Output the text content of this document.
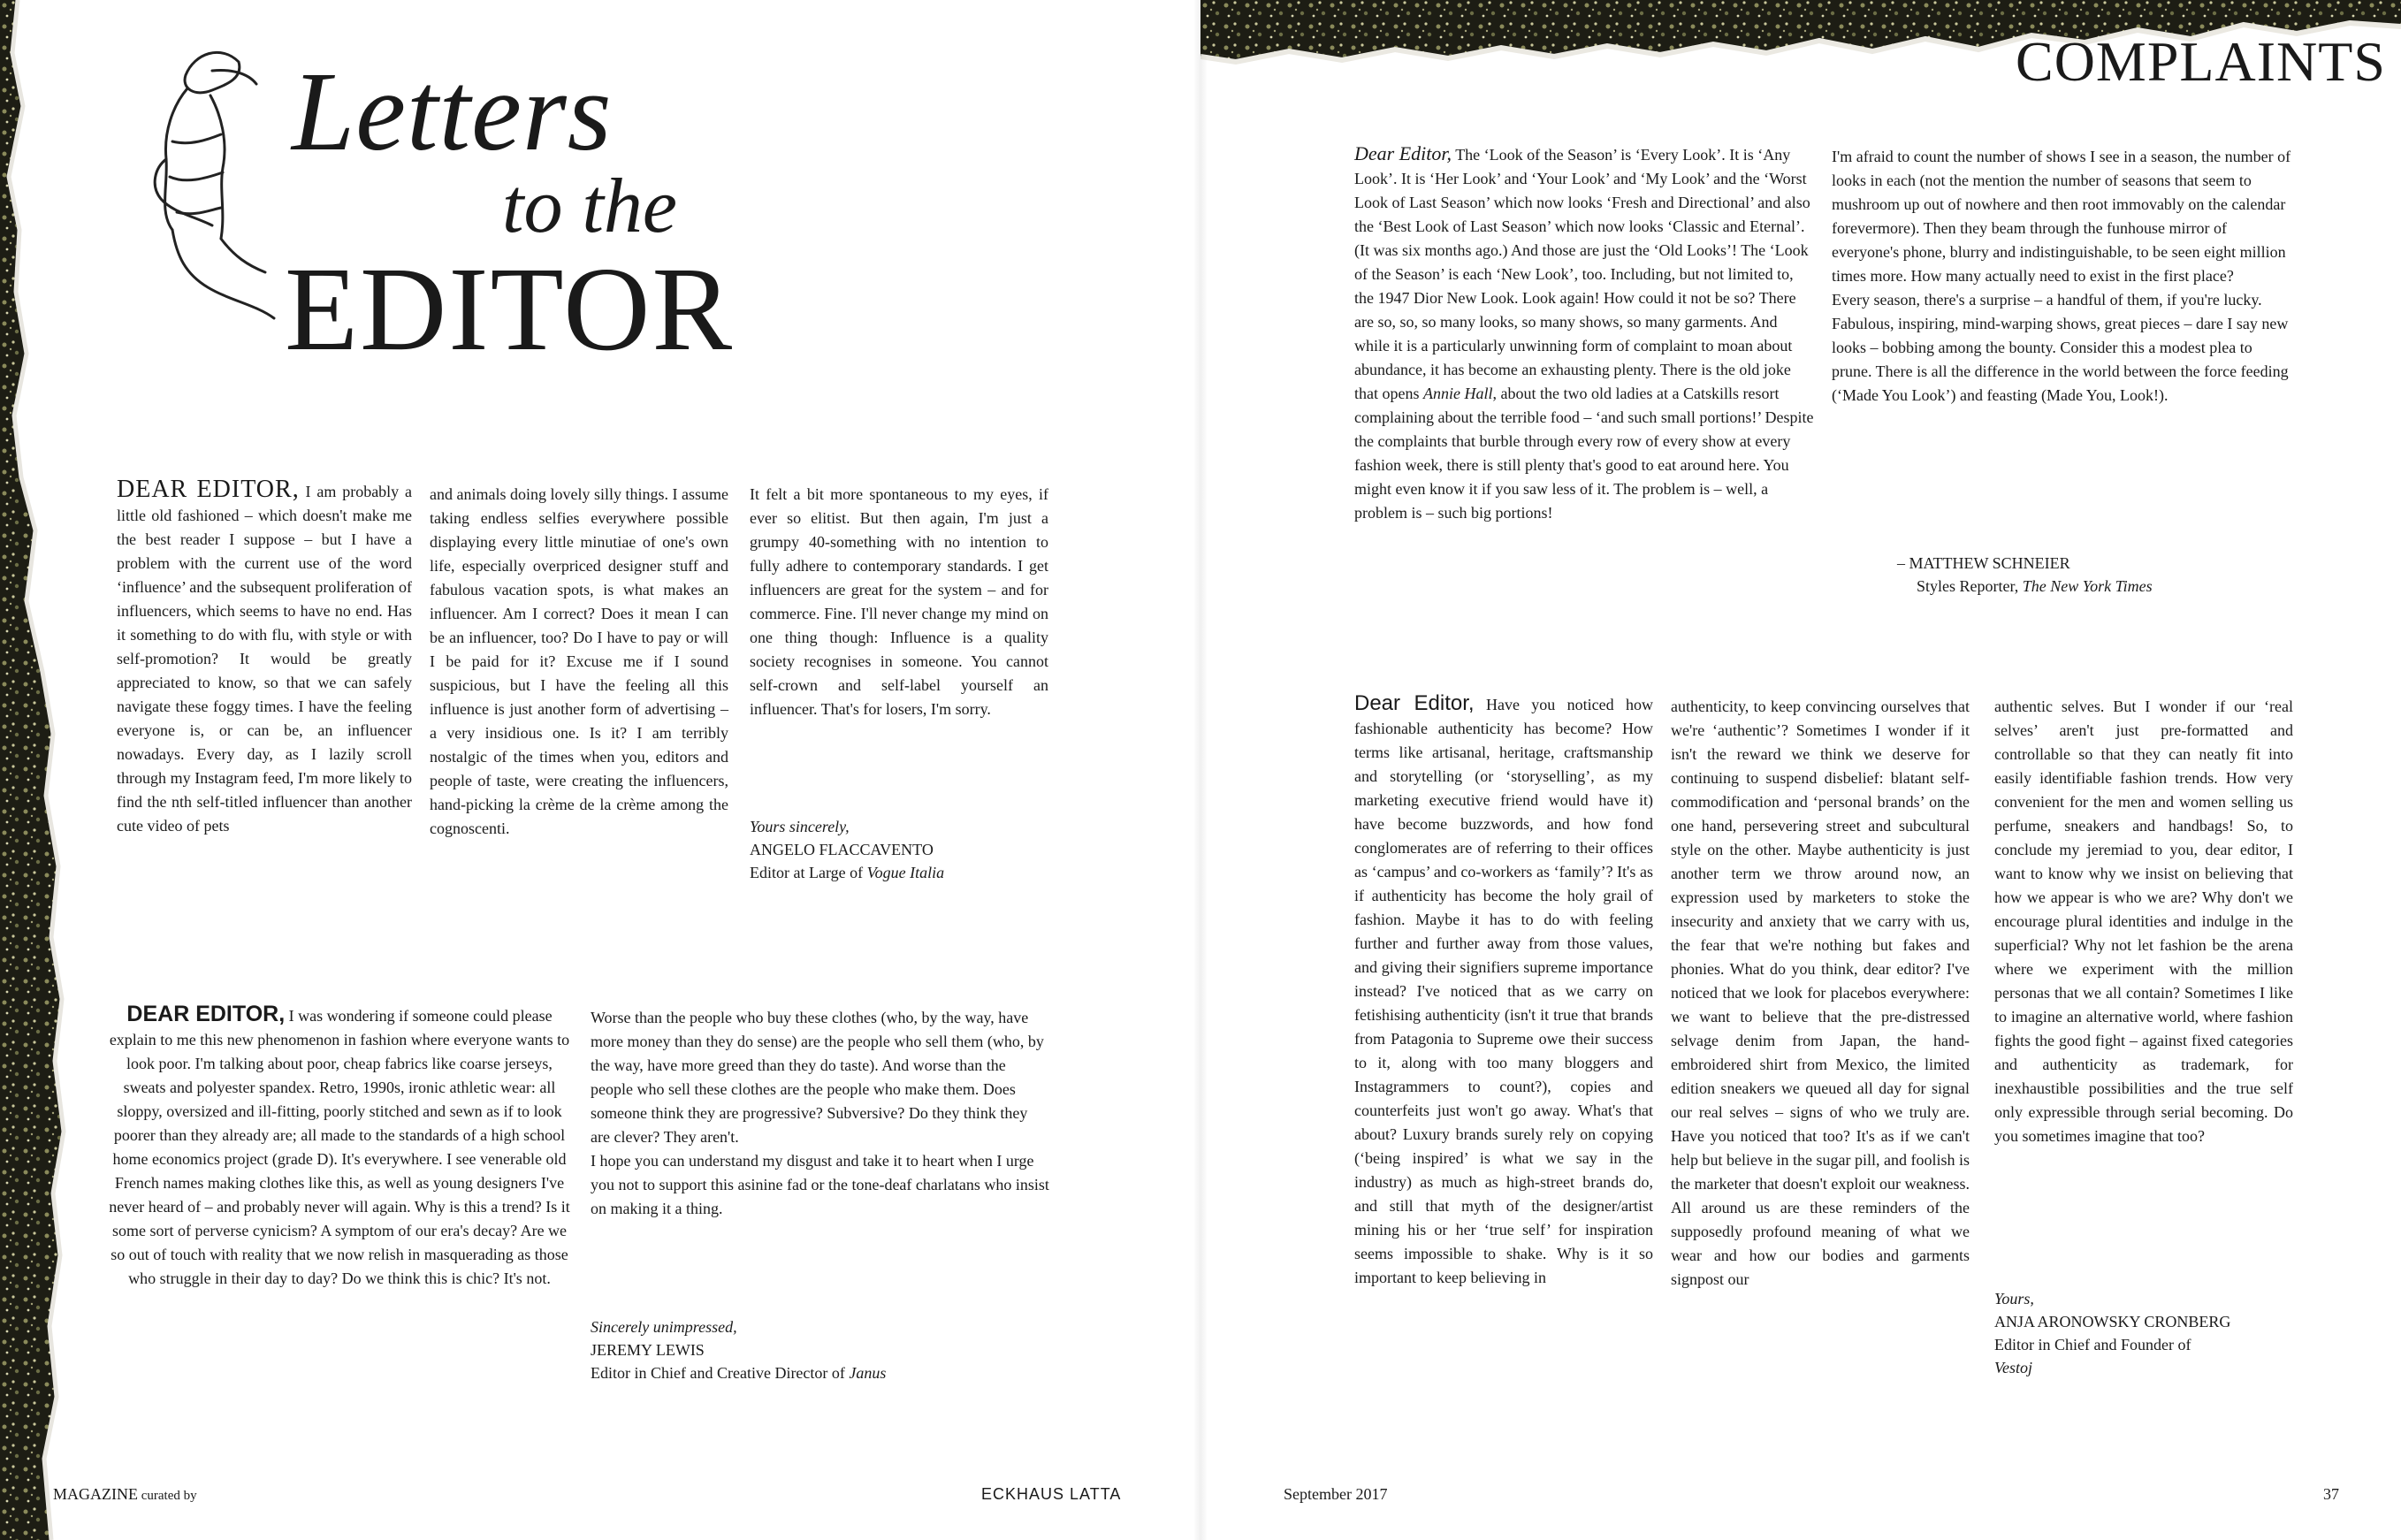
Letters
to the
EDITOR
COMPLAINTS
DEAR EDITOR, I am probably a little old fashioned – which doesn't make me the best reader I suppose – but I have a problem with the current use of the word ‘influence’ and the subsequent proliferation of influencers, which seems to have no end. Has it something to do with flu, with style or with self-promotion? It would be greatly appreciated to know, so that we can safely navigate these foggy times. I have the feeling everyone is, or can be, an influencer nowadays. Every day, as I lazily scroll through my Instagram feed, I'm more likely to find the nth self-titled influencer than another cute video of pets
and animals doing lovely silly things. I assume taking endless selfies everywhere possible displaying every little minutiae of one's own life, especially overpriced designer stuff and fabulous vacation spots, is what makes an influencer. Am I correct? Does it mean I can be an influencer, too? Do I have to pay or will I be paid for it? Excuse me if I sound suspicious, but I have the feeling all this influence is just another form of advertising – a very insidious one. Is it? I am terribly nostalgic of the times when you, editors and people of taste, were creating the influencers, hand-picking la crème de la crème among the cognoscenti.
It felt a bit more spontaneous to my eyes, if ever so elitist. But then again, I'm just a grumpy 40-something with no intention to fully adhere to contemporary standards. I get influencers are great for the system – and for commerce. Fine. I'll never change my mind on one thing though: Influence is a quality society recognises in someone. You cannot self-crown and self-label yourself an influencer. That's for losers, I'm sorry.
Yours sincerely,
ANGELO FLACCAVENTO
Editor at Large of Vogue Italia
DEAR EDITOR, I was wondering if someone could please explain to me this new phenomenon in fashion where everyone wants to look poor. I'm talking about poor, cheap fabrics like coarse jerseys, sweats and polyester spandex. Retro, 1990s, ironic athletic wear: all sloppy, oversized and ill-fitting, poorly stitched and sewn as if to look poorer than they already are; all made to the standards of a high school home economics project (grade D). It's everywhere. I see venerable old French names making clothes like this, as well as young designers I've never heard of – and probably never will again. Why is this a trend? Is it some sort of perverse cynicism? A symptom of our era's decay? Are we so out of touch with reality that we now relish in masquerading as those who struggle in their day to day? Do we think this is chic? It's not.

Worse than the people who buy these clothes (who, by the way, have more money than they do sense) are the people who sell them (who, by the way, have more greed than they do taste). And worse than the people who sell these clothes are the people who make them. Does someone think they are progressive? Subversive? Do they think they are clever? They aren't.

I hope you can understand my disgust and take it to heart when I urge you not to support this asinine fad or the tone-deaf charlatans who insist on making it a thing.

Sincerely unimpressed,
JEREMY LEWIS
Editor in Chief and Creative Director of Janus
Dear Editor, The ‘Look of the Season’ is ‘Every Look’. It is ‘Any Look’. It is ‘Her Look’ and ‘Your Look’ and ‘My Look’ and the ‘Worst Look of Last Season’ which now looks ‘Fresh and Directional’ and also the ‘Best Look of Last Season’ which now looks ‘Classic and Eternal’. (It was six months ago.) And those are just the ‘Old Looks’! The ‘Look of the Season’ is each ‘New Look’, too. Including, but not limited to, the 1947 Dior New Look. Look again! How could it not be so? There are so, so, so many looks, so many shows, so many garments. And while it is a particularly unwinning form of complaint to moan about abundance, it has become an exhausting plenty. There is the old joke that opens Annie Hall, about the two old ladies at a Catskills resort complaining about the terrible food – ‘and such small portions!’ Despite the complaints that burble through every row of every show at every fashion week, there is still plenty that's good to eat around here. You might even know it if you saw less of it. The problem is – well, a problem is – such big portions!

I'm afraid to count the number of shows I see in a season, the number of looks in each (not the mention the number of seasons that seem to mushroom up out of nowhere and then root immovably on the calendar forevermore). Then they beam through the funhouse mirror of everyone's phone, blurry and indistinguishable, to be seen eight million times more. How many actually need to exist in the first place?

Every season, there's a surprise – a handful of them, if you're lucky. Fabulous, inspiring, mind-warping shows, great pieces – dare I say new looks – bobbing among the bounty. Consider this a modest plea to prune. There is all the difference in the world between the force feeding (‘Made You Look’) and feasting (Made You, Look!).

– MATTHEW SCHNEIER
Styles Reporter, The New York Times
Dear Editor, Have you noticed how fashionable authenticity has become? How terms like artisanal, heritage, craftsmanship and storytelling (or ‘storyselling’, as my marketing executive friend would have it) have become buzzwords, and how fond conglomerates are of referring to their offices as ‘campus’ and co-workers as ‘family’? It's as if authenticity has become the holy grail of fashion. Maybe it has to do with feeling further and further away from those values, and giving their signifiers supreme importance instead? I've noticed that as we carry on fetishising authenticity (isn't it true that brands from Patagonia to Supreme owe their success to it, along with too many bloggers and Instagrammers to count?), copies and counterfeits just won't go away. What's that about? Luxury brands surely rely on copying (‘being inspired’ is what we say in the industry) as much as high-street brands do, and still that myth of the designer/artist mining his or her ‘true self’ for inspiration seems impossible to shake. Why is it so important to keep believing in
authenticity, to keep convincing ourselves that we're ‘authentic’? Sometimes I wonder if it isn't the reward we think we deserve for continuing to suspend disbelief: blatant self-commodification and ‘personal brands’ on the one hand, persevering street and subcultural style on the other. Maybe authenticity is just another term we throw around now, an expression used by marketers to stoke the insecurity and anxiety that we carry with us, the fear that we're nothing but fakes and phonies. What do you think, dear editor? I've noticed that we look for placebos everywhere: we want to believe that the pre-distressed selvage denim from Japan, the hand-embroidered shirt from Mexico, the limited edition sneakers we queued all day for signal our real selves – signs of who we truly are. Have you noticed that too? It's as if we can't help but believe in the sugar pill, and foolish is the marketer that doesn't exploit our weakness. All around us are these reminders of the supposedly profound meaning of what we wear and how our bodies and garments signpost our
authentic selves. But I wonder if our ‘real selves’ aren't just pre-formatted and controllable so that they can neatly fit into easily identifiable fashion trends. How very convenient for the men and women selling us perfume, sneakers and handbags! So, to conclude my jeremiad to you, dear editor, I want to know why we insist on believing that how we appear is who we are? Why don't we encourage plural identities and indulge in the superficial? Why not let fashion be the arena where we experiment with the million personas that we all contain? Sometimes I like to imagine an alternative world, where fashion fights the good fight – against fixed categories and authenticity as trademark, for inexhaustible possibilities and the true self only expressible through serial becoming. Do you sometimes imagine that too?
Yours,
ANJA ARONOWSKY CRONBERG
Editor in Chief and Founder of
Vestoj
MAGAZINE curated by	ECKHAUS LATTA	September 2017	37
